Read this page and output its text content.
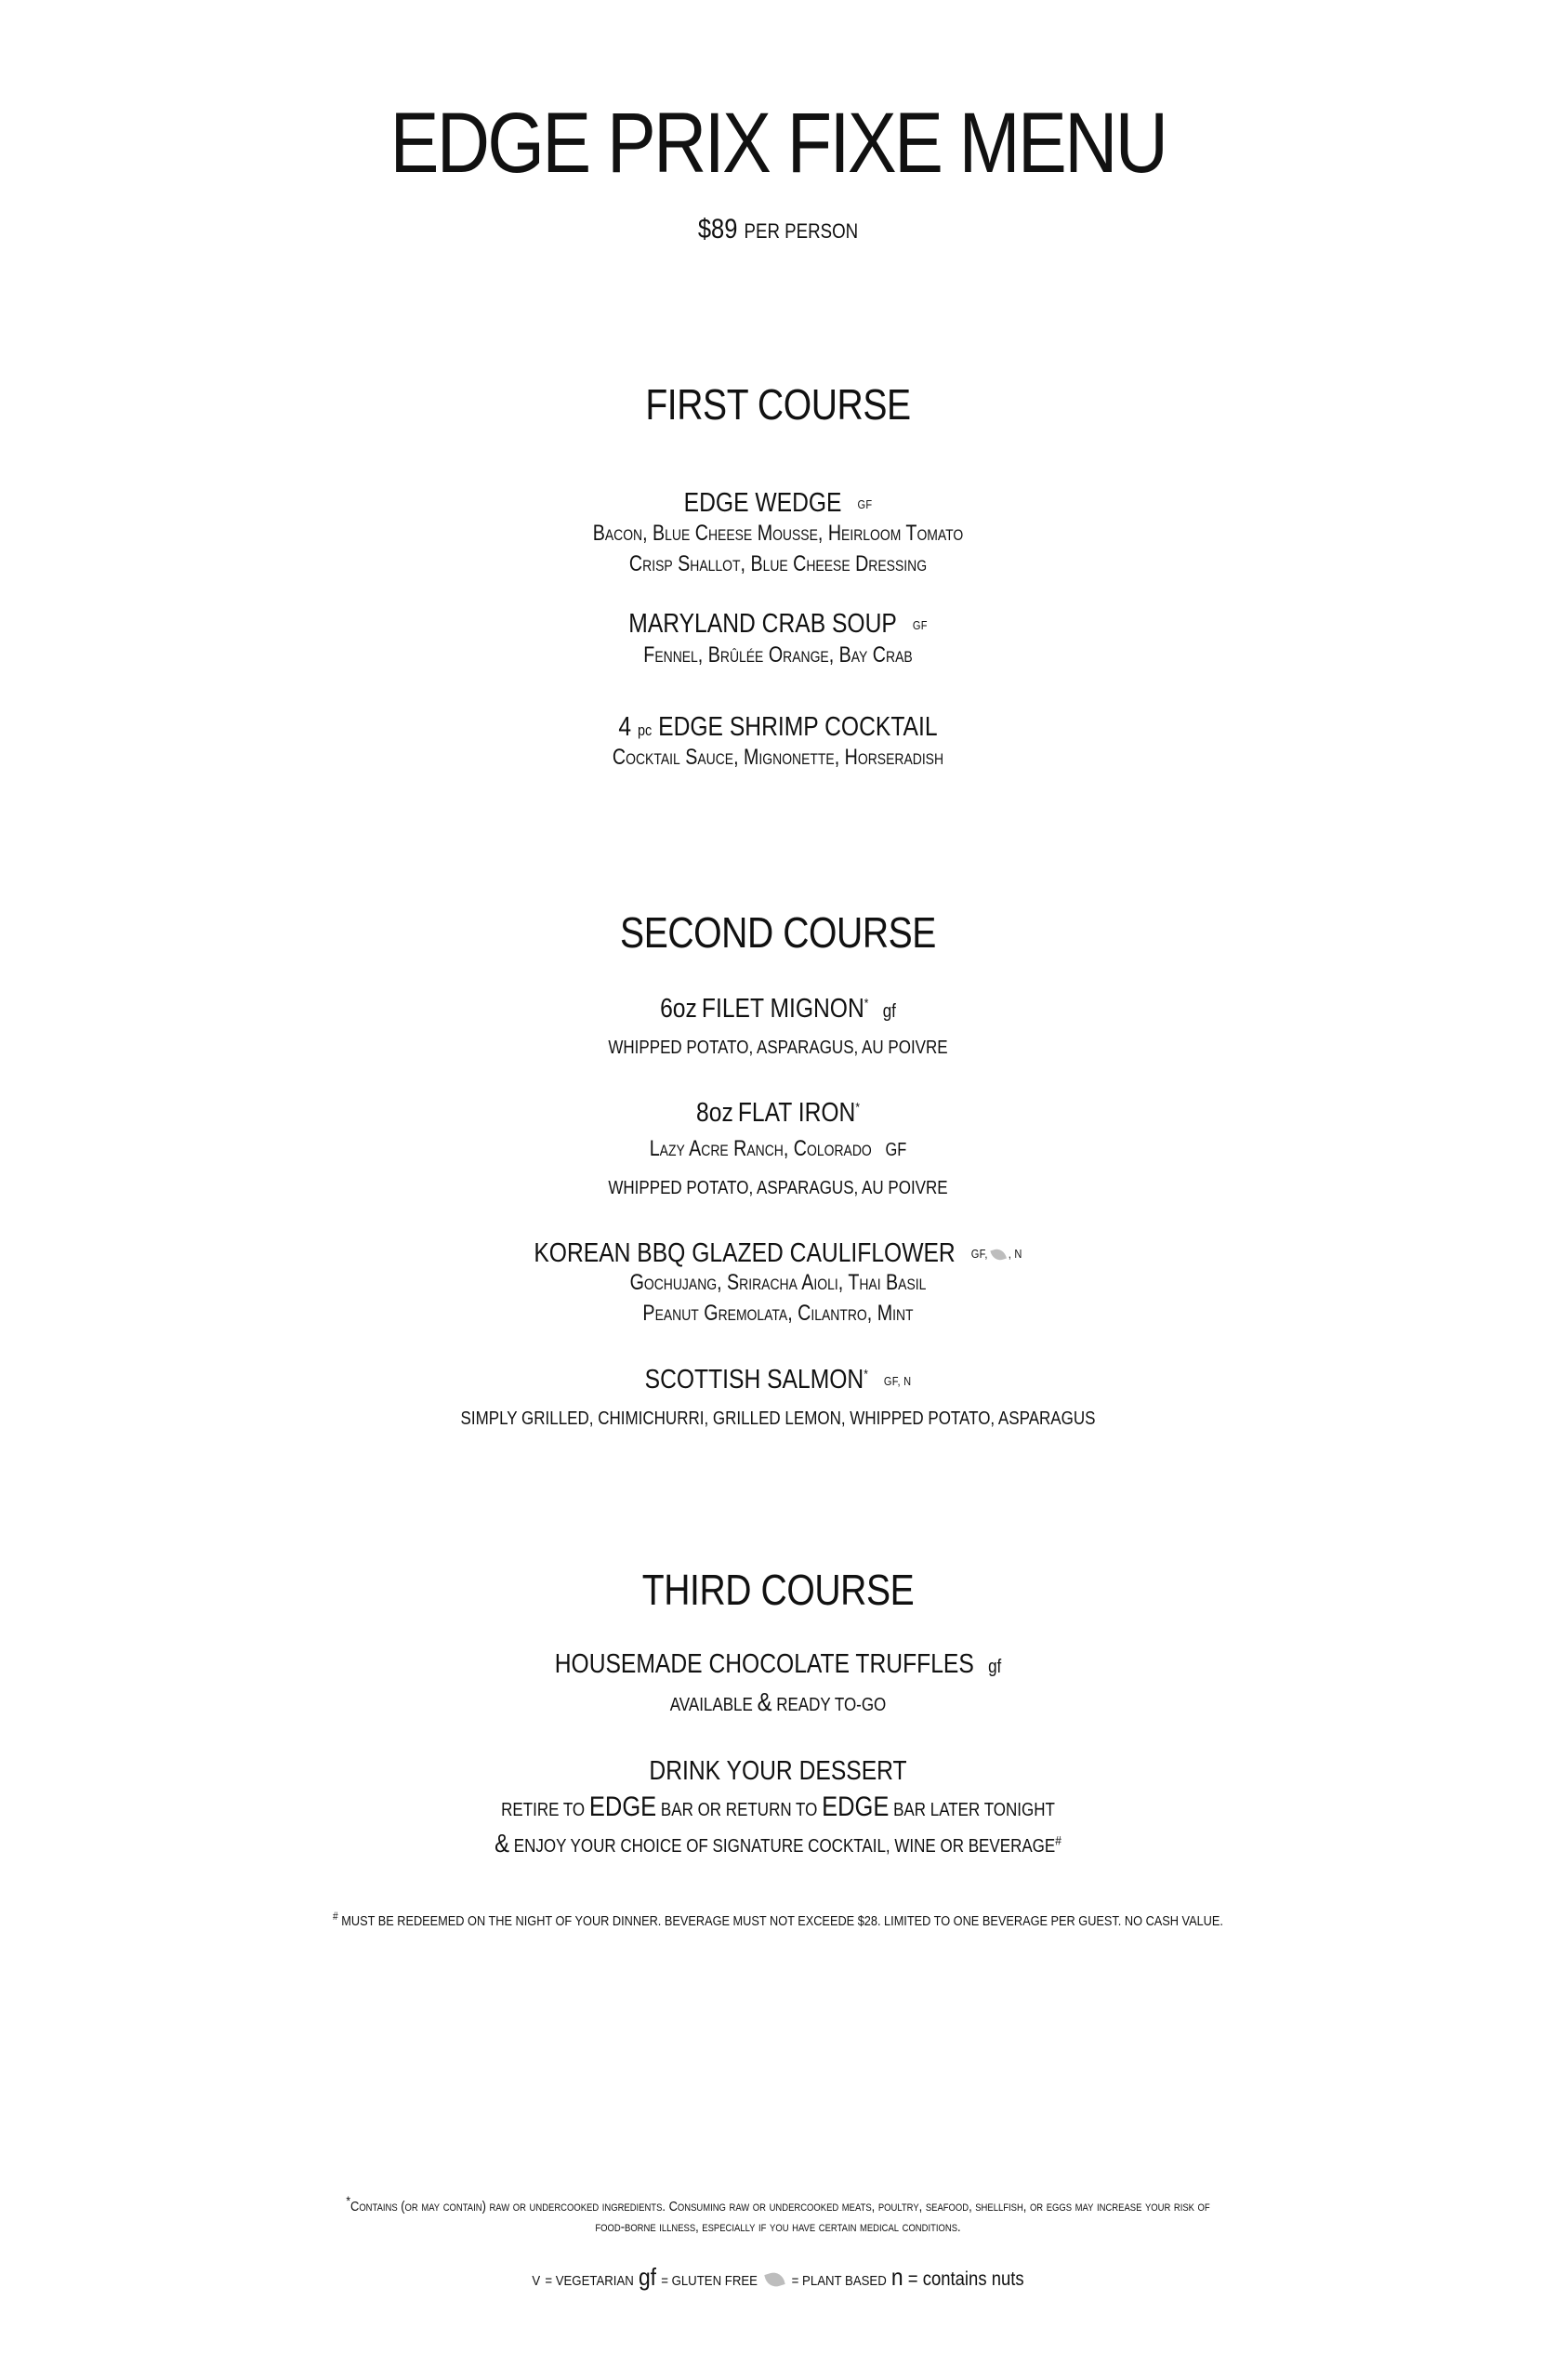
EDGE PRIX FIXE MENU
$89 PER PERSON
FIRST COURSE
EDGE WEDGE GF
Bacon, Blue Cheese Mousse, Heirloom Tomato
Crisp Shallot, Blue Cheese Dressing
MARYLAND CRAB SOUP GF
Fennel, Brûlée Orange, Bay Crab
4 pc EDGE SHRIMP COCKTAIL
Cocktail Sauce, Mignonette, Horseradish
SECOND COURSE
6oz FILET MIGNON* gf
WHIPPED POTATO, ASPARAGUS, AU POIVRE
8oz FLAT IRON*
Lazy Acre Ranch, Colorado GF
WHIPPED POTATO, ASPARAGUS, AU POIVRE
KOREAN BBQ GLAZED CAULIFLOWER GF, , N
Gochujang, Sriracha Aioli, Thai Basil
Peanut Gremolata, Cilantro, Mint
SCOTTISH SALMON* GF, N
SIMPLY GRILLED, CHIMICHURRI, GRILLED LEMON, WHIPPED POTATO, ASPARAGUS
THIRD COURSE
HOUSEMADE CHOCOLATE TRUFFLES gf
AVAILABLE & READY TO-GO
DRINK YOUR DESSERT
RETIRE TO EDGE BAR OR RETURN TO EDGE BAR LATER TONIGHT
& ENJOY YOUR CHOICE OF SIGNATURE COCKTAIL, WINE OR BEVERAGE#
# MUST BE REDEEMED ON THE NIGHT OF YOUR DINNER. BEVERAGE MUST NOT EXCEEDE $28. LIMITED TO ONE BEVERAGE PER GUEST. NO CASH VALUE.
*Contains (or may contain) raw or undercooked ingredients. Consuming raw or undercooked meats, poultry, seafood, shellfish, or eggs may increase your risk of
food-borne illness, especially if you have certain medical conditions.
V = VEGETARIAN gf = GLUTEN FREE = PLANT BASED n = contains nuts
